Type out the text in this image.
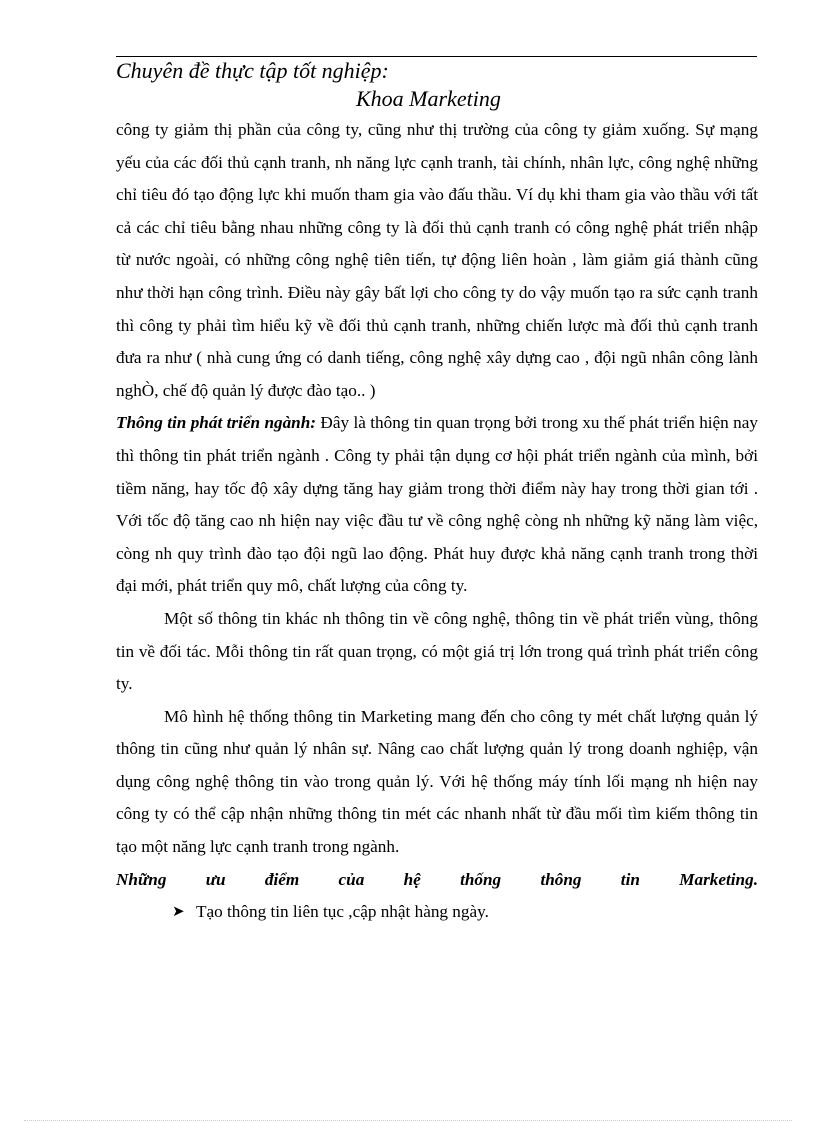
Chuyên đề thực tập tốt nghiệp:
Khoa Marketing

công ty giảm thị phần của công ty, cũng như thị trường của công ty giảm xuống. Sự mạng yếu của các đối thủ cạnh tranh, nh năng lực cạnh tranh, tài chính, nhân lực, công nghệ những chỉ tiêu đó tạo động lực khi muốn tham gia vào đấu thầu. Ví dụ khi tham gia vào thầu với tất cả các chỉ tiêu bằng nhau những công ty là đối thủ cạnh tranh có công nghệ phát triển nhập từ nước ngoài, có những công nghệ tiên tiến, tự động liên hoàn , làm giảm giá thành cũng như thời hạn công trình. Điều này gây bất lợi cho công ty do vậy muốn tạo ra sức cạnh tranh thì công ty phải tìm hiểu kỹ về đối thủ cạnh tranh, những chiến lược mà đối thủ cạnh tranh đưa ra như ( nhà cung ứng có danh tiếng, công nghệ xây dựng cao , đội ngũ nhân công lành nghÒ, chế độ quản lý được đào tạo.. )

Thông tin phát triển ngành: Đây là thông tin quan trọng bởi trong xu thế phát triển hiện nay thì thông tin phát triển ngành . Công ty phải tận dụng cơ hội phát triển ngành của mình, bởi tiềm năng, hay tốc độ xây dựng tăng hay giảm trong thời điểm này hay trong thời gian tới . Với tốc độ tăng cao nh hiện nay việc đầu tư về công nghệ còng nh những kỹ năng làm việc, còng nh quy trình đào tạo đội ngũ lao động. Phát huy được khả năng cạnh tranh trong thời đại mới, phát triển quy mô, chất lượng của công ty.

Một số thông tin khác nh thông tin về công nghệ, thông tin về phát triển vùng, thông tin về đối tác. Mỗi thông tin rất quan trọng, có một giá trị lớn trong quá trình phát triển công ty.

Mô hình hệ thống thông tin Marketing mang đến cho công ty mét chất lượng quản lý thông tin cũng như quản lý nhân sự. Nâng cao chất lượng quản lý trong doanh nghiệp, vận dụng công nghệ thông tin vào trong quản lý. Với hệ thống máy tính lối mạng nh hiện nay công ty có thể cập nhận những thông tin mét các nhanh nhất từ đầu mối tìm kiếm thông tin tạo một năng lực cạnh tranh trong ngành.

Những ưu điểm của hệ thống thông tin Marketing.

➤ Tạo thông tin liên tục ,cập nhật hàng ngày.
